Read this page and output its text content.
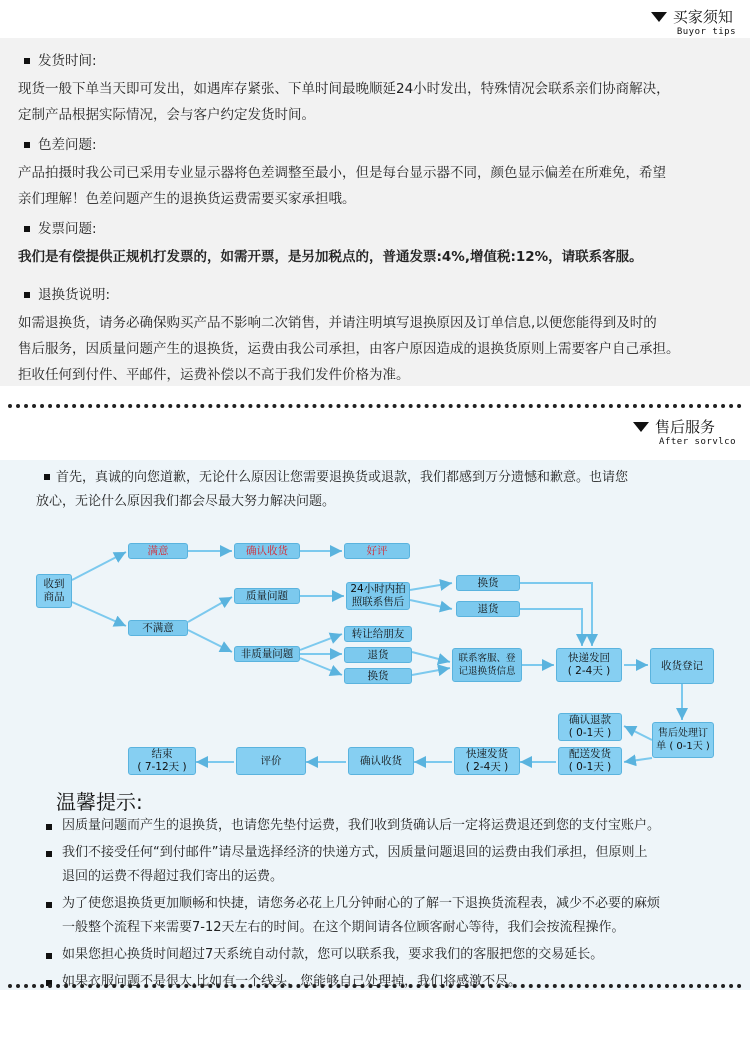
买家须知
Buyor tips
发货时间:

现货一般下单当天即可发出，如遇库存紧张、下单时间最晚顺延24小时发出，特殊情况会联系亲们协商解决，

定制产品根据实际情况，会与客户约定发货时间。

色差问题:

产品拍摄时我公司已采用专业显示器将色差调整至最小，但是每台显示器不同，颜色显示偏差在所难免，希望

亲们理解！色差问题产生的退换货运费需要买家承担哦。

发票问题:

我们是有偿提供正规机打发票的，如需开票，是另加税点的，普通发票:4%,增值税:12%，请联系客服。

退换货说明:

如需退换货，请务必确保购买产品不影响二次销售，并请注明填写退换原因及订单信息,以便您能得到及时的

售后服务，因质量问题产生的退换货，运费由我公司承担，由客户原因造成的退换货原则上需要客户自己承担。

拒收任何到付件、平邮件，运费补偿以不高于我们发件价格为准。

售后服务
After sorvlco
首先，真诚的向您道歉，无论什么原因让您需要退换货或退款，我们都感到万分遗憾和歉意。也请您
放心，无论什么原因我们都会尽最大努力解决问题。
收到
商品
满意	确认收货	好评
不满意
质量问题
24小时内拍
照联系售后
换货
退货
非质量问题
转让给朋友
退货
换货
联系客服、登
记退换货信息
快递发回
( 2-4天 )	收货登记
售后处理订
单 ( 0-1天 )
确认退款
( 0-1天 )
配送发货
( 0-1天 )
快速发货
( 2-4天 )
确认收货
评价
结束
( 7-12天 )
温馨提示:
因质量问题而产生的退换货，也请您先垫付运费，我们收到货确认后一定将运费退还到您的支付宝账户。
我们不接受任何“到付邮件”请尽量选择经济的快递方式，因质量问题退回的运费由我们承担，但原则上
退回的运费不得超过我们寄出的运费。
为了使您退换货更加顺畅和快捷，请您务必花上几分钟耐心的了解一下退换货流程表，减少不必要的麻烦
一般整个流程下来需要7-12天左右的时间。在这个期间请各位顾客耐心等待，我们会按流程操作。
如果您担心换货时间超过7天系统自动付款，您可以联系我，要求我们的客服把您的交易延长。
如果衣服问题不是很大,比如有一个线头，您能够自己处理掉，我们将感激不尽。
